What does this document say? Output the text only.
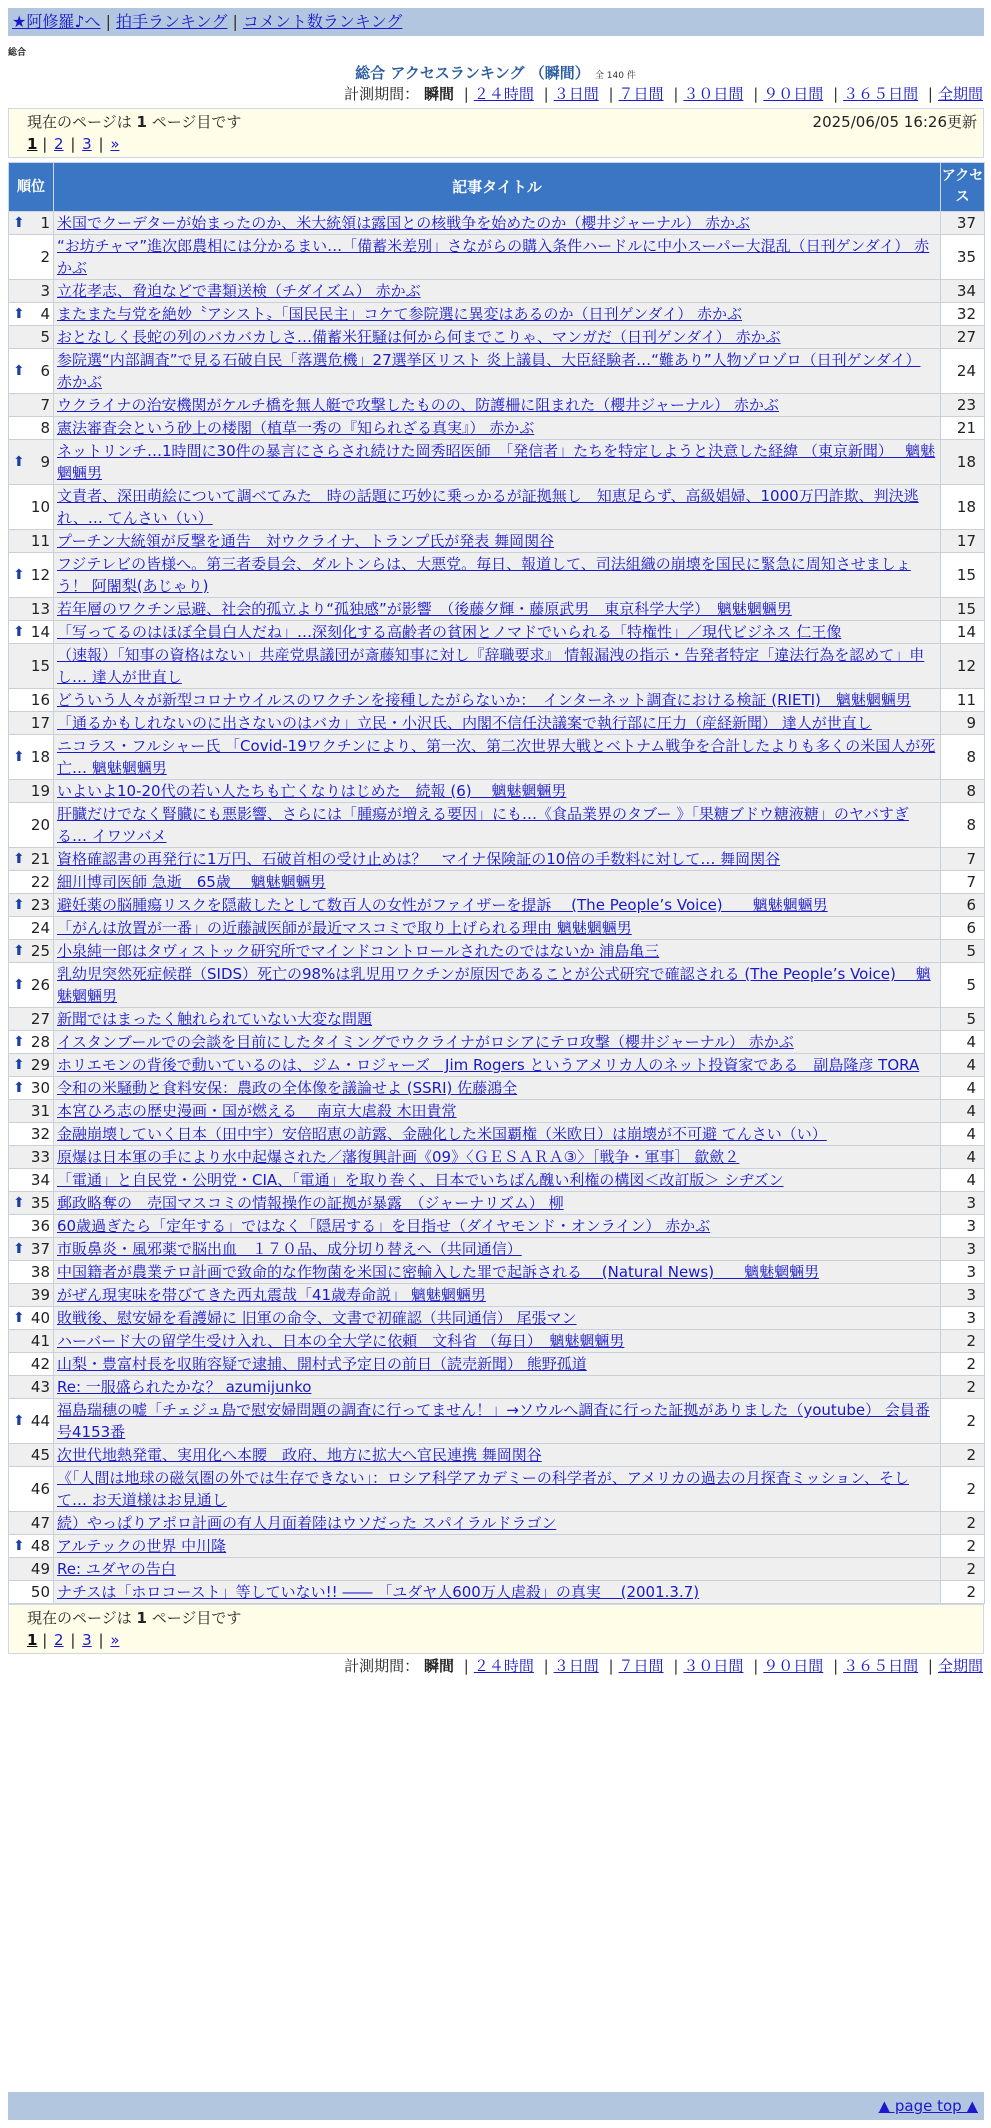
★阿修羅♪へ | 拍手ランキング | コメント数ランキング
総合
総合 アクセスランキング （瞬間） 全 140 件
計測期間： 瞬間 | ２４時間 | ３日間 | ７日間 | ３０日間 | ９０日間 | ３６５日間 | 全期間
現在のページは 1 ページ目です	2025/06/05 16:26更新
1 | 2 | 3 | »
順位	記事タイトル	アクセス

⬆ 1	米国でクーデターが始まったのか、米大統領は露国との核戦争を始めたのか（櫻井ジャーナル） 赤かぶ	37
2	“お坊チャマ”進次郎農相には分かるまい…「備蓄米差別」さながらの購入条件ハードルに中小スーパー大混乱（日刊ゲンダイ） 赤かぶ	35
3	立花孝志、脅迫などで書類送検（チダイズム） 赤かぶ	34

⬆ 4	またまた与党を絶妙〝アシスト〟「国民民主」コケて参院選に異変はあるのか（日刊ゲンダイ） 赤かぶ	32
5	おとなしく長蛇の列のバカバカしさ…備蓄米狂騒は何から何までこりゃ、マンガだ（日刊ゲンダイ） 赤かぶ	27

⬆ 6	参院選“内部調査”で見る石破自民「落選危機」27選挙区リスト 炎上議員、大臣経験者…“難あり”人物ゾロゾロ（日刊ゲンダイ） 赤かぶ	24
7	ウクライナの治安機関がケルチ橋を無人艇で攻撃したものの、防護柵に阻まれた（櫻井ジャーナル） 赤かぶ	23
8	憲法審査会という砂上の楼閣（植草一秀の『知られざる真実』） 赤かぶ	21

⬆ 9	ネットリンチ…1時間に30件の暴言にさらされ続けた岡秀昭医師　「発信者」たちを特定しようと決意した経緯 （東京新聞）　 魑魅魍魎男	18
10	文責者、深田萌絵について調べてみた　時の話題に巧妙に乗っかるが証拠無し　知恵足らず、高級娼婦、1000万円詐欺、判決逃れ、… てんさい（い）	18
11	プーチン大統領が反撃を通告　対ウクライナ、トランプ氏が発表 舞岡関谷	17

⬆ 12	フジテレビの皆様へ。第三者委員会、ダルトンらは、大悪党。毎日、報道して、司法組織の崩壊を国民に緊急に周知させましょう！ 阿闍梨(あじゃり)	15
13	若年層のワクチン忌避、社会的孤立より“孤独感”が影響　（後藤夕輝・藤原武男　東京科学大学）　魑魅魍魎男	15

⬆ 14	「写ってるのはほぼ全員白人だね」…深刻化する高齢者の貧困とノマドでいられる「特権性」／現代ビジネス 仁王像	14
15	（速報）「知事の資格はない」共産党県議団が斎藤知事に対し『辞職要求』 情報漏洩の指示・告発者特定「違法行為を認めて」申し… 達人が世直し	12
16	どういう人々が新型コロナウイルスのワクチンを接種したがらないか：　インターネット調査における検証 (RIETI)　魑魅魍魎男	11
17	「通るかもしれないのに出さないのはバカ」立民・小沢氏、内閣不信任決議案で執行部に圧力（産経新聞） 達人が世直し	9

⬆ 18	ニコラス・フルシャー氏 「Covid-19ワクチンにより、第一次、第二次世界大戦とベトナム戦争を合計したよりも多くの米国人が死亡… 魑魅魍魎男	8
19	いよいよ10-20代の若い人たちも亡くなりはじめた　続報 (6)　 魑魅魍魎男	8
20	肝臓だけでなく腎臓にも悪影響、さらには「腫瘍が増える要因」にも…《食品業界のタブー 》「果糖ブドウ糖液糖」のヤバすぎる… イワツバメ	8

⬆ 21	資格確認書の再発行に1万円、石破首相の受け止めは？　マイナ保険証の10倍の手数料に対して… 舞岡関谷	7
22	細川博司医師 急逝　65歳　 魑魅魍魎男	7

⬆ 23	避妊薬の脳腫瘍リスクを隠蔽したとして数百人の女性がファイザーを提訴　 (The People’s Voice)　　魑魅魍魎男	6
24	「がんは放置が一番」の近藤誠医師が最近マスコミで取り上げられる理由 魑魅魍魎男	6

⬆ 25	小泉純一郎はタヴィストック研究所でマインドコントロールされたのではないか 浦島亀三	5

⬆ 26	乳幼児突然死症候群（SIDS）死亡の98%は乳児用ワクチンが原因であることが公式研究で確認される (The People’s Voice)　 魑魅魍魎男	5
27	新聞ではまったく触れられていない大変な問題	5

⬆ 28	イスタンブールでの会談を目前にしたタイミングでウクライナがロシアにテロ攻撃（櫻井ジャーナル） 赤かぶ	4

⬆ 29	ホリエモンの背後で動いているのは、ジム・ロジャーズ　Jim Rogers というアメリカ人のネット投資家である　副島隆彦 TORA	4

⬆ 30	令和の米騒動と食料安保：農政の全体像を議論せよ (SSRI) 佐藤鴻全	4
31	本宮ひろ志の歴史漫画・国が燃える　 南京大虐殺 木田貴常	4
32	金融崩壊していく日本（田中宇）安倍昭恵の訪露、金融化した米国覇権（米欧日）は崩壊が不可避 てんさい（い）	4
33	原爆は日本軍の手により水中起爆された／藩復興計画《09》〈ＧＥＳＡＲＡ③〉［戦争・軍事］ 歙歛２	4
34	「電通」と自民党・公明党・CIA、「電通」を取り巻く、日本でいちばん醜い利権の構図＜改訂版＞ シヂズン	4

⬆ 35	郵政略奪の　売国マスコミの情報操作の証拠が暴露　（ジャーナリズム） 柳	3
36	60歳過ぎたら「定年する」ではなく「隠居する」を目指せ（ダイヤモンド・オンライン） 赤かぶ	3

⬆ 37	市販鼻炎・風邪薬で脳出血　１７０品、成分切り替えへ（共同通信）	3
38	中国籍者が農業テロ計画で致命的な作物菌を米国に密輸入した罪で起訴される　 (Natural News)　　魑魅魍魎男	3
39	がぜん現実味を帯びてきた西丸震哉「41歳寿命説」 魑魅魍魎男	3

⬆ 40	敗戦後、慰安婦を看護婦に 旧軍の命令、文書で初確認（共同通信） 尾張マン	3
41	ハーバード大の留学生受け入れ、日本の全大学に依頼　文科省 （毎日）　魑魅魍魎男	2
42	山梨・豊富村長を収賄容疑で逮捕、開村式予定日の前日（読売新聞） 熊野孤道	2
43	Re: 一服盛られたかな？ azumijunko	2

⬆ 44	福島瑞穂の嘘「チェジュ島で慰安婦問題の調査に行ってません！」→ソウルへ調査に行った証拠がありました（youtube） 会員番号4153番	2
45	次世代地熱発電、実用化へ本腰　政府、地方に拡大へ官民連携 舞岡関谷	2
46	《「人間は地球の磁気圏の外では生存できない」：ロシア科学アカデミーの科学者が、アメリカの過去の月探査ミッション、そして… お天道様はお見通し	2
47	続）やっぱりアポロ計画の有人月面着陸はウソだった スパイラルドラゴン	2

⬆ 48	アルテックの世界 中川隆	2
49	Re: ユダヤの告白	2
50	ナチスは「ホロコースト」等していない!! ―― 「ユダヤ人600万人虐殺」の真実　 (2001.3.7)	2
現在のページは 1 ページ目です
1 | 2 | 3 | »
計測期間： 瞬間 | ２４時間 | ３日間 | ７日間 | ３０日間 | ９０日間 | ３６５日間 | 全期間
▲ page top ▲
